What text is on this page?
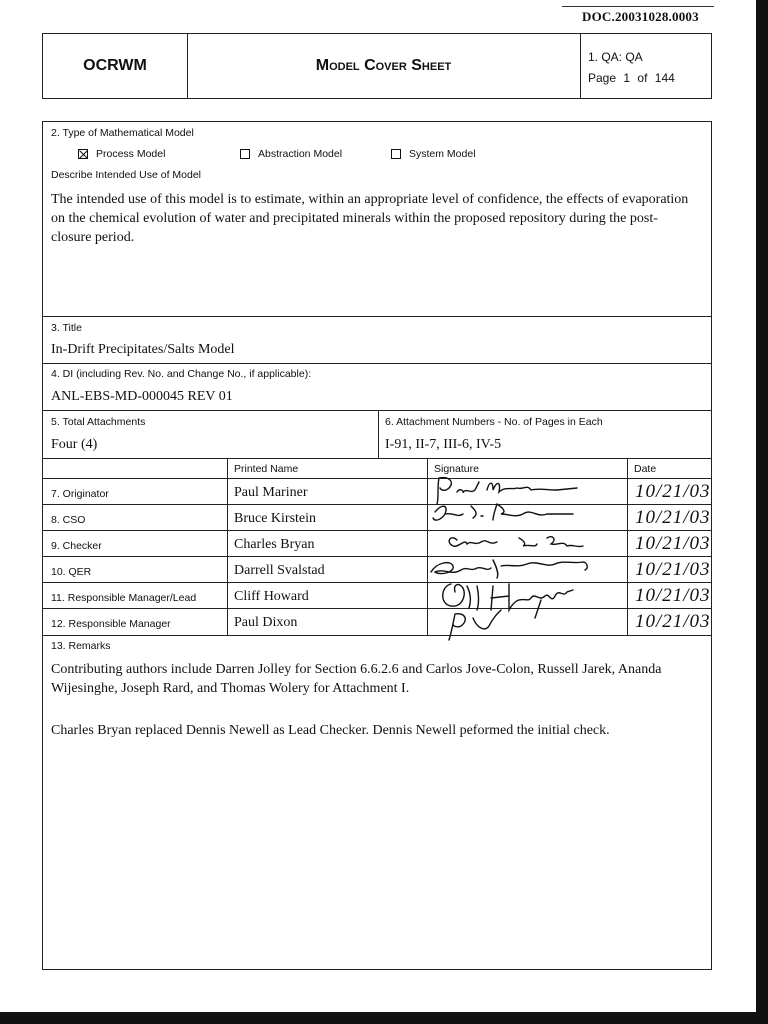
DOC.20031028.0003
OCRWM	Model Cover Sheet	1. QA: QA
Page 1 of 144
2. Type of Mathematical Model
Process Model	Abstraction Model	System Model
Describe Intended Use of Model
The intended use of this model is to estimate, within an appropriate level of confidence, the effects of evaporation on the chemical evolution of water and precipitated minerals within the proposed repository during the post-closure period.
3. Title
In-Drift Precipitates/Salts Model
4. DI (including Rev. No. and Change No., if applicable):
ANL-EBS-MD-000045 REV 01
5. Total Attachments
Four (4)
6. Attachment Numbers - No. of Pages in Each
I-91, II-7, III-6, IV-5
Printed Name	Signature	Date
7. Originator	Paul Mariner	10/21/03
8. CSO	Bruce Kirstein	10/21/03
9. Checker	Charles Bryan	10/21/03
10. QER	Darrell Svalstad	10/21/03
11. Responsible Manager/Lead	Cliff Howard	10/21/03
12. Responsible Manager	Paul Dixon	10/21/03
13. Remarks
Contributing authors include Darren Jolley for Section 6.6.2.6 and Carlos Jove-Colon, Russell Jarek, Ananda Wijesinghe, Joseph Rard, and Thomas Wolery for Attachment I.
Charles Bryan replaced Dennis Newell as Lead Checker. Dennis Newell peformed the initial check.
